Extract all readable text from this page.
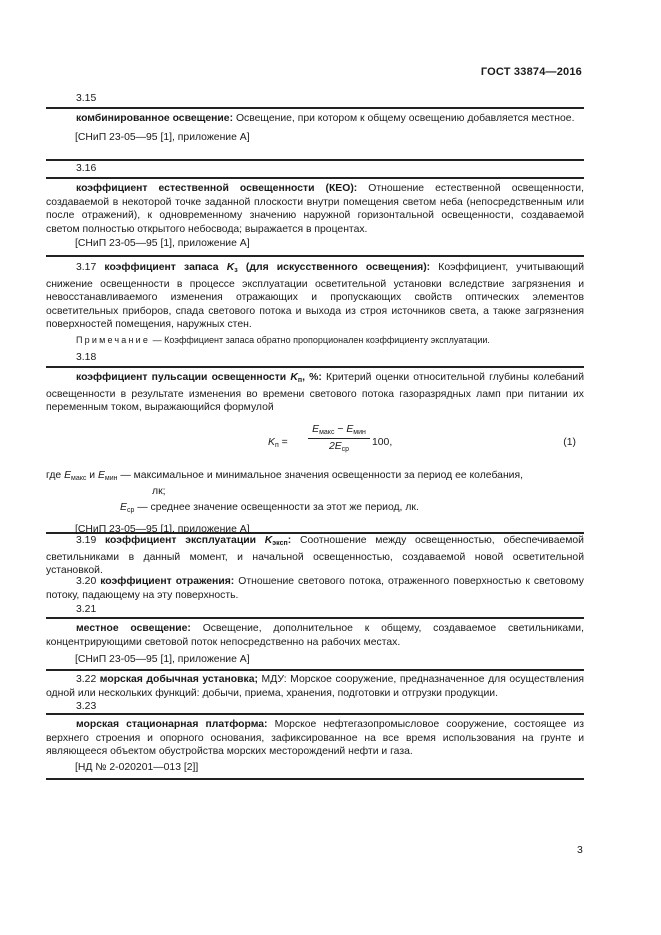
ГОСТ 33874—2016
3.15

комбинированное освещение: Освещение, при котором к общему освещению добавляется местное.

[СНиП 23-05—95 [1], приложение А]

3.16

коэффициент естественной освещенности (КЕО): Отношение естественной освещенности, создаваемой в некоторой точке заданной плоскости внутри помещения светом неба (непосредственным или после отражений), к одновременному значению наружной горизонтальной освещенности, создаваемой светом полностью открытого небосвода; выражается в процентах.

[СНиП 23-05—95 [1], приложение А]

3.17 коэффициент запаса $K_з$ (для искусственного освещения): Коэффициент, учитывающий снижение освещенности в процессе эксплуатации осветительной установки вследствие загрязнения и невосстанавливаемого изменения отражающих и пропускающих свойств оптических элементов осветительных приборов, спада светового потока и выхода из строя источников света, а также загрязнения поверхностей помещения, наружных стен.
Примечание — Коэффициент запаса обратно пропорционален коэффициенту эксплуатации.
3.18

коэффициент пульсации освещенности $K_п$, %: Критерий оценки относительной глубины колебаний освещенности в результате изменения во времени светового потока газоразрядных ламп при питании их переменным током, выражающийся формулой

$K_п$ =
$E_{макс} - E_{мин}$
$2E_{ср}$
100,	(1)
где $E_{макс}$ и $E_{мин}$ — максимальное и минимальное значения освещенности за период ее колебания,
лк;
$E_{ср}$ — среднее значение освещенности за этот же период, лк.

[СНиП 23-05—95 [1], приложение А]

3.19 коэффициент эксплуатации $K_{экcп}$: Соотношение между освещенностью, обеспечиваемой светильниками в данный момент, и начальной освещенностью, создаваемой новой осветительной установкой.
3.20 коэффициент отражения: Отношение светового потока, отраженного поверхностью к световому потоку, падающему на эту поверхность.
3.21

местное освещение: Освещение, дополнительное к общему, создаваемое светильниками, концентрирующими световой поток непосредственно на рабочих местах.

[СНиП 23-05—95 [1], приложение А]

3.22 морская добычная установка; МДУ: Морское сооружение, предназначенное для осуществления одной или нескольких функций: добычи, приема, хранения, подготовки и отгрузки продукции.
3.23

морская стационарная платформа: Морское нефтегазопромысловое сооружение, состоящее из верхнего строения и опорного основания, зафиксированное на все время использования на грунте и являющееся объектом обустройства морских месторождений нефти и газа.

[НД № 2-020201—013 [2]]

3
